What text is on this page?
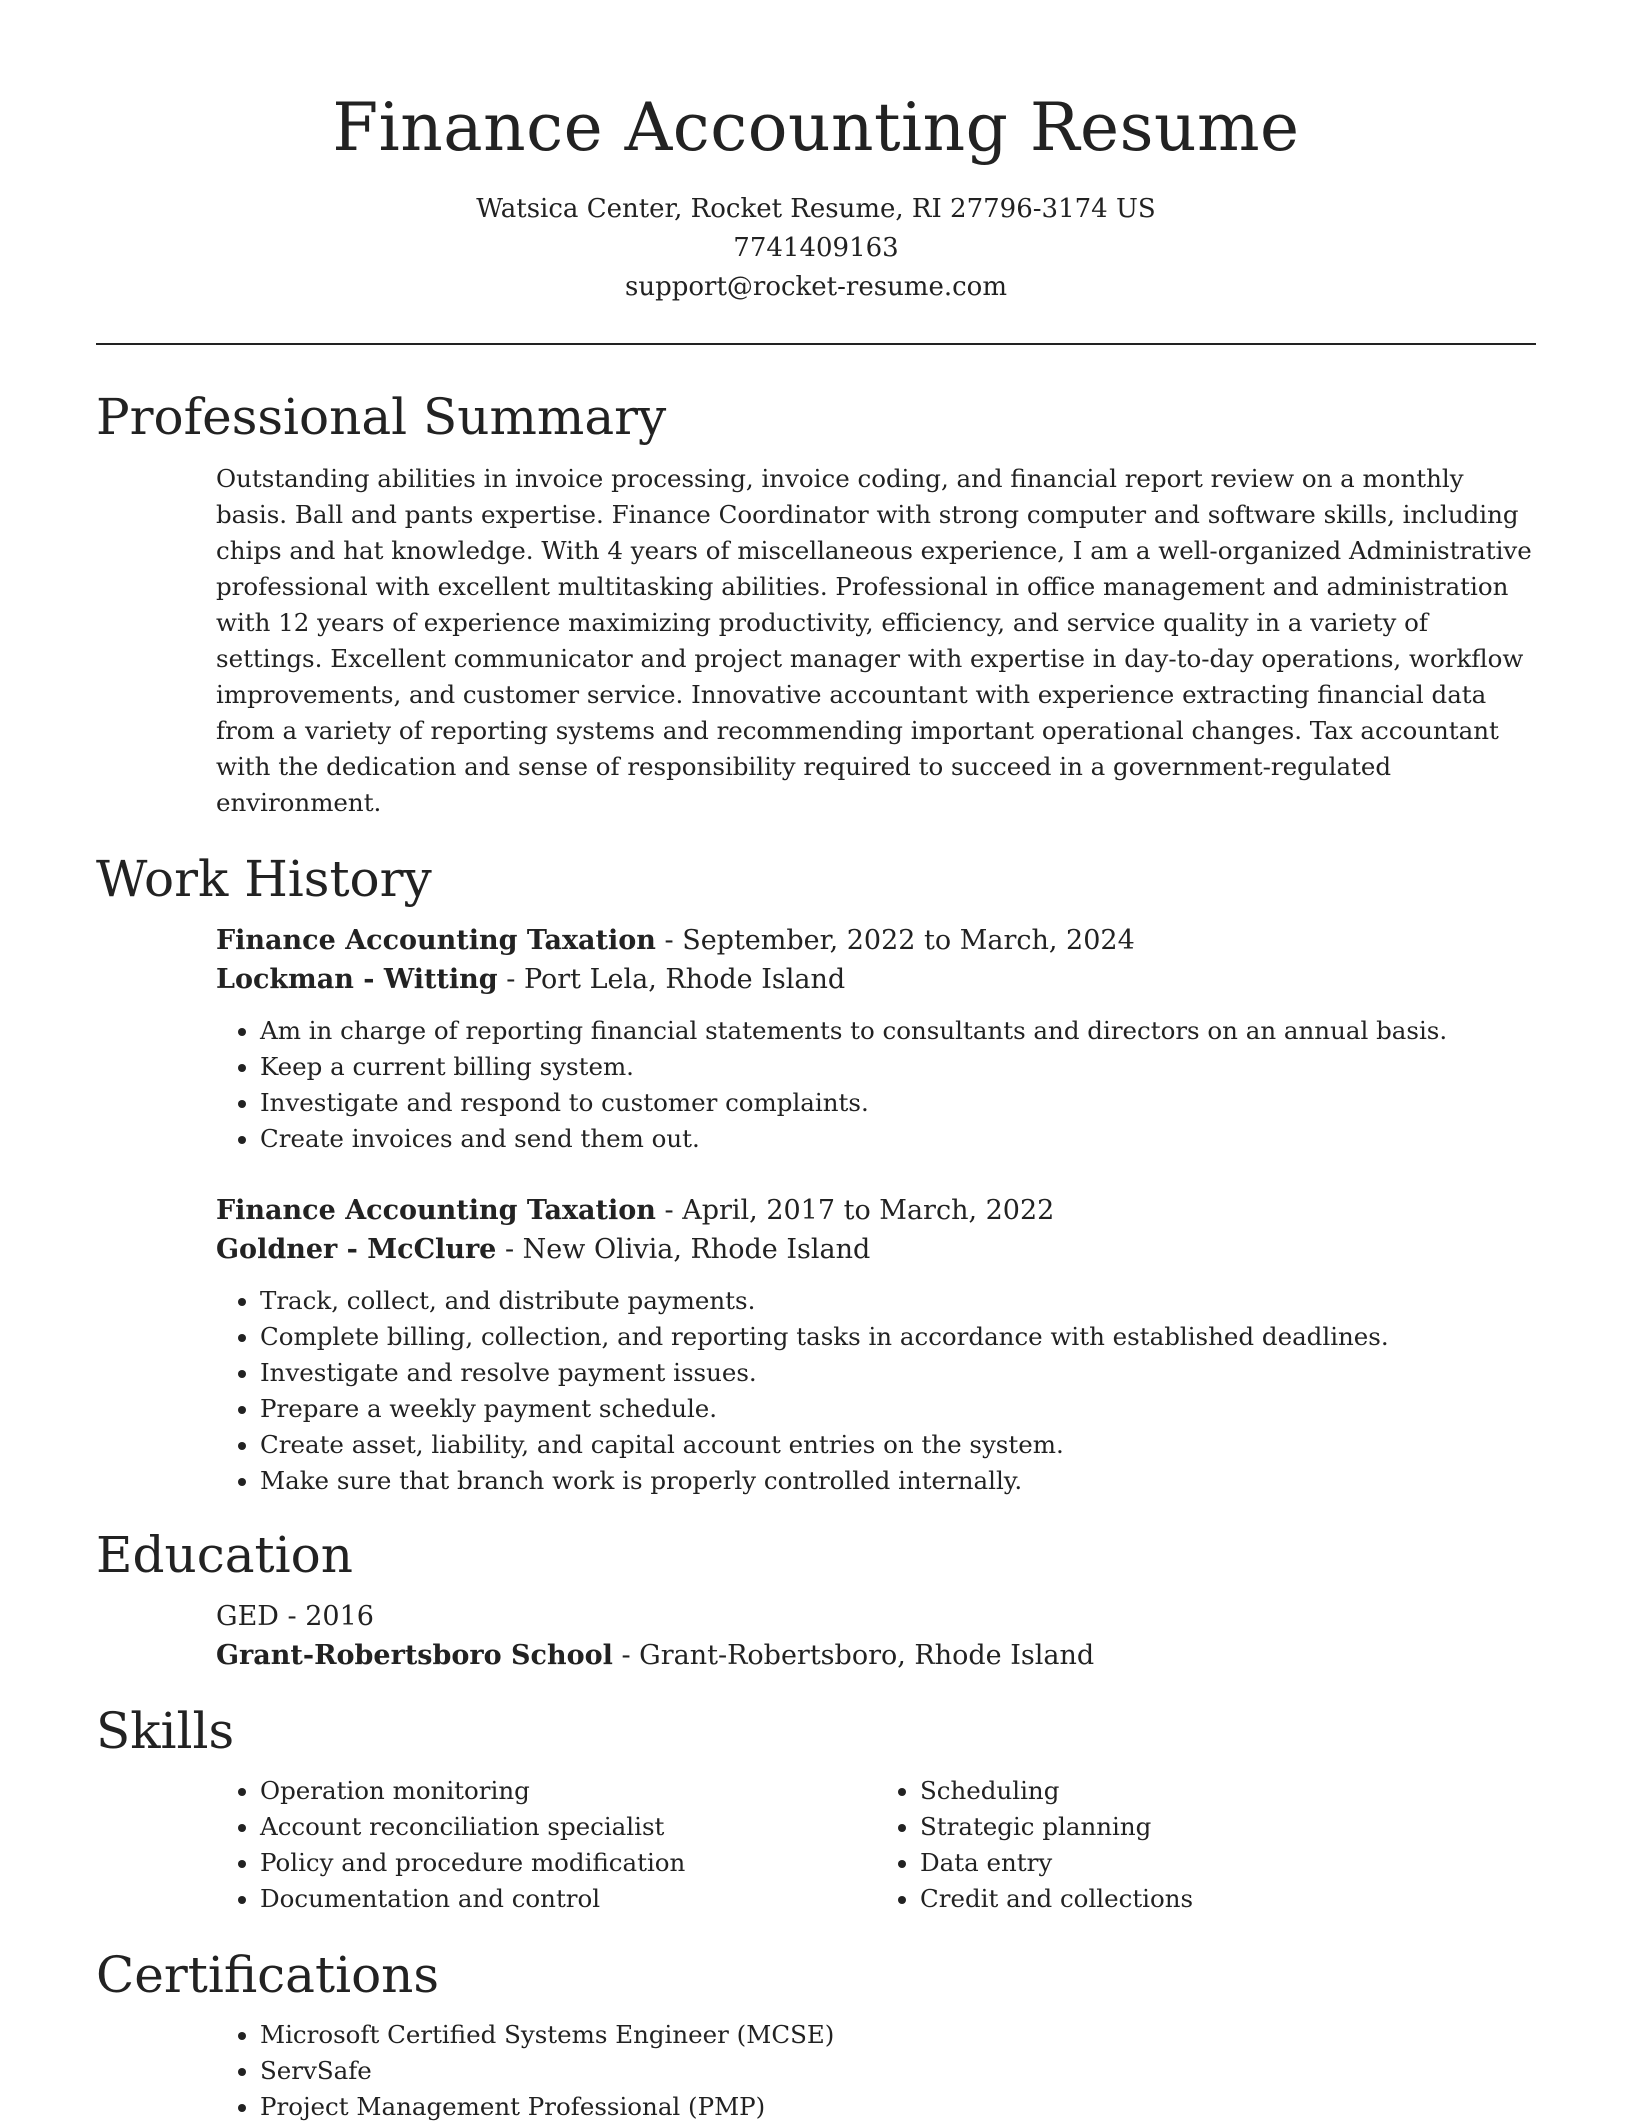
Finance Accounting Resume
Watsica Center, Rocket Resume, RI 27796-3174 US
7741409163
support@rocket-resume.com
Professional Summary

Outstanding abilities in invoice processing, invoice coding, and financial report review on a monthly basis. Ball and pants expertise. Finance Coordinator with strong computer and software skills, including chips and hat knowledge. With 4 years of miscellaneous experience, I am a well-organized Administrative professional with excellent multitasking abilities. Professional in office management and administration with 12 years of experience maximizing productivity, efficiency, and service quality in a variety of settings. Excellent communicator and project manager with expertise in day-to-day operations, workflow improvements, and customer service. Innovative accountant with experience extracting financial data from a variety of reporting systems and recommending important operational changes. Tax accountant with the dedication and sense of responsibility required to succeed in a government-regulated environment.

Work History

Finance Accounting Taxation - September, 2022 to March, 2024

Lockman - Witting - Port Lela, Rhode Island

• Am in charge of reporting financial statements to consultants and directors on an annual basis.
• Keep a current billing system.
• Investigate and respond to customer complaints.
• Create invoices and send them out.

Finance Accounting Taxation - April, 2017 to March, 2022

Goldner - McClure - New Olivia, Rhode Island

• Track, collect, and distribute payments.
• Complete billing, collection, and reporting tasks in accordance with established deadlines.
• Investigate and resolve payment issues.
• Prepare a weekly payment schedule.
• Create asset, liability, and capital account entries on the system.
• Make sure that branch work is properly controlled internally.
Education

GED - 2016

Grant-Robertsboro School - Grant-Robertsboro, Rhode Island

Skills
• Operation monitoring
• Account reconciliation specialist
• Policy and procedure modification
• Documentation and control
• Scheduling
• Strategic planning
• Data entry
• Credit and collections
Certifications
• Microsoft Certified Systems Engineer (MCSE)
• ServSafe
• Project Management Professional (PMP)
